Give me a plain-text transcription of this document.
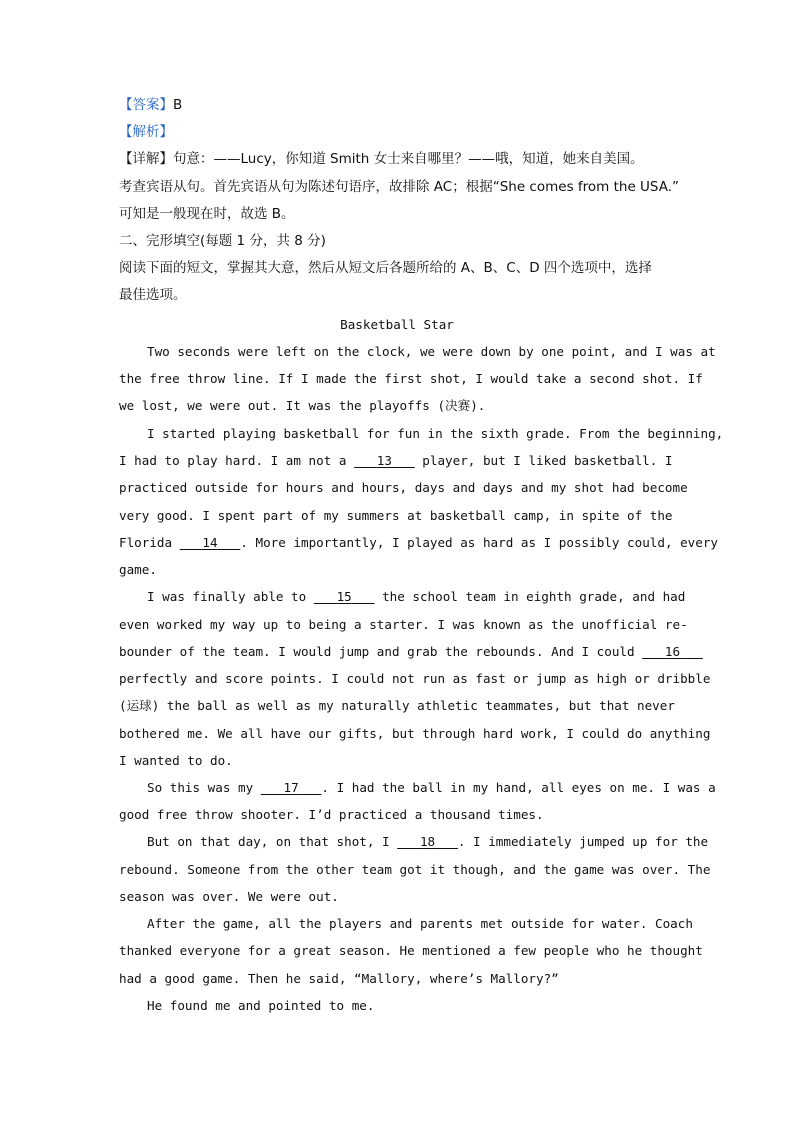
【答案】B
【解析】
【详解】句意：——Lucy，你知道 Smith 女士来自哪里？——哦，知道，她来自美国。
考查宾语从句。首先宾语从句为陈述句语序，故排除 AC；根据“She comes from the USA.”
可知是一般现在时，故选 B。
二、完形填空(每题 1 分，共 8 分)
阅读下面的短文，掌握其大意，然后从短文后各题所给的 A、B、C、D 四个选项中，选择
最佳选项。
Basketball Star
Two seconds were left on the clock, we were down by one point, and I was at
the free throw line. If I made the first shot, I would take a second shot. If
we lost, we were out. It was the playoffs (决赛).
I started playing basketball for fun in the sixth grade. From the beginning,
I had to play hard. I am not a    13    player, but I liked basketball. I
practiced outside for hours and hours, days and days and my shot had become
very good. I spent part of my summers at basketball camp, in spite of the
Florida    14 . More importantly, I played as hard as I possibly could, every
game.
I was finally able to    15    the school team in eighth grade, and had
even worked my way up to being a starter. I was known as the unofficial re-
bounder of the team. I would jump and grab the rebounds. And I could    16
perfectly and score points. I could not run as fast or jump as high or dribble
(运球) the ball as well as my naturally athletic teammates, but that never
bothered me. We all have our gifts, but through hard work, I could do anything
I wanted to do.
So this was my    17 . I had the ball in my hand, all eyes on me. I was a
good free throw shooter. I’d practiced a thousand times.
But on that day, on that shot, I    18 . I immediately jumped up for the
rebound. Someone from the other team got it though, and the game was over. The
season was over. We were out.
After the game, all the players and parents met outside for water. Coach
thanked everyone for a great season. He mentioned a few people who he thought
had a good game. Then he said, “Mallory, where’s Mallory?”
He found me and pointed to me.
